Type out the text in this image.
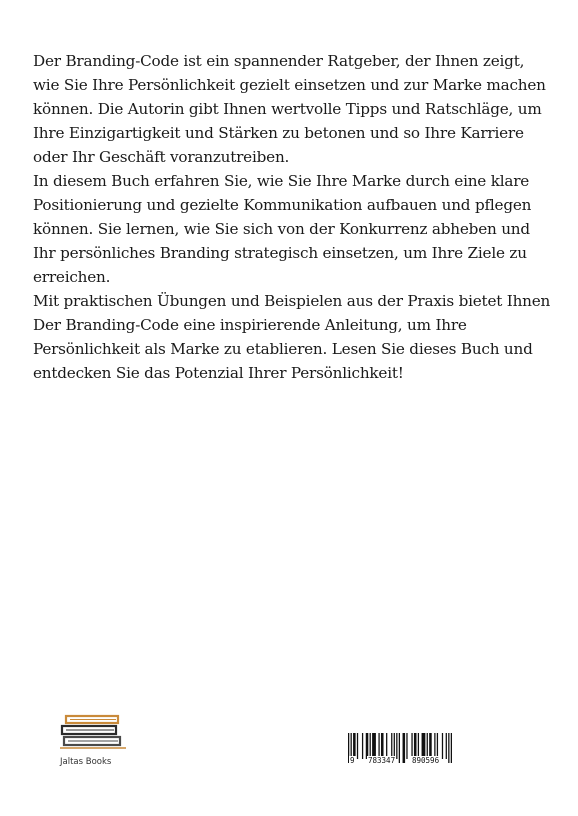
Der Branding-Code ist ein spannender Ratgeber, der Ihnen zeigt, wie Sie Ihre Persönlichkeit gezielt einsetzen und zur Marke machen können. Die Autorin gibt Ihnen wertvolle Tipps und Ratschläge, um Ihre Einzigartigkeit und Stärken zu betonen und so Ihre Karriere oder Ihr Geschäft voranzutreiben.

In diesem Buch erfahren Sie, wie Sie Ihre Marke durch eine klare Positionierung und gezielte Kommunikation aufbauen und pflegen können. Sie lernen, wie Sie sich von der Konkurrenz abheben und Ihr persönliches Branding strategisch einsetzen, um Ihre Ziele zu erreichen.

Mit praktischen Übungen und Beispielen aus der Praxis bietet Ihnen Der Branding-Code eine inspirierende Anleitung, um Ihre Persönlichkeit als Marke zu etablieren. Lesen Sie dieses Buch und entdecken Sie das Potenzial Ihrer Persönlichkeit!

Jaltas Books	9 783347 890596
